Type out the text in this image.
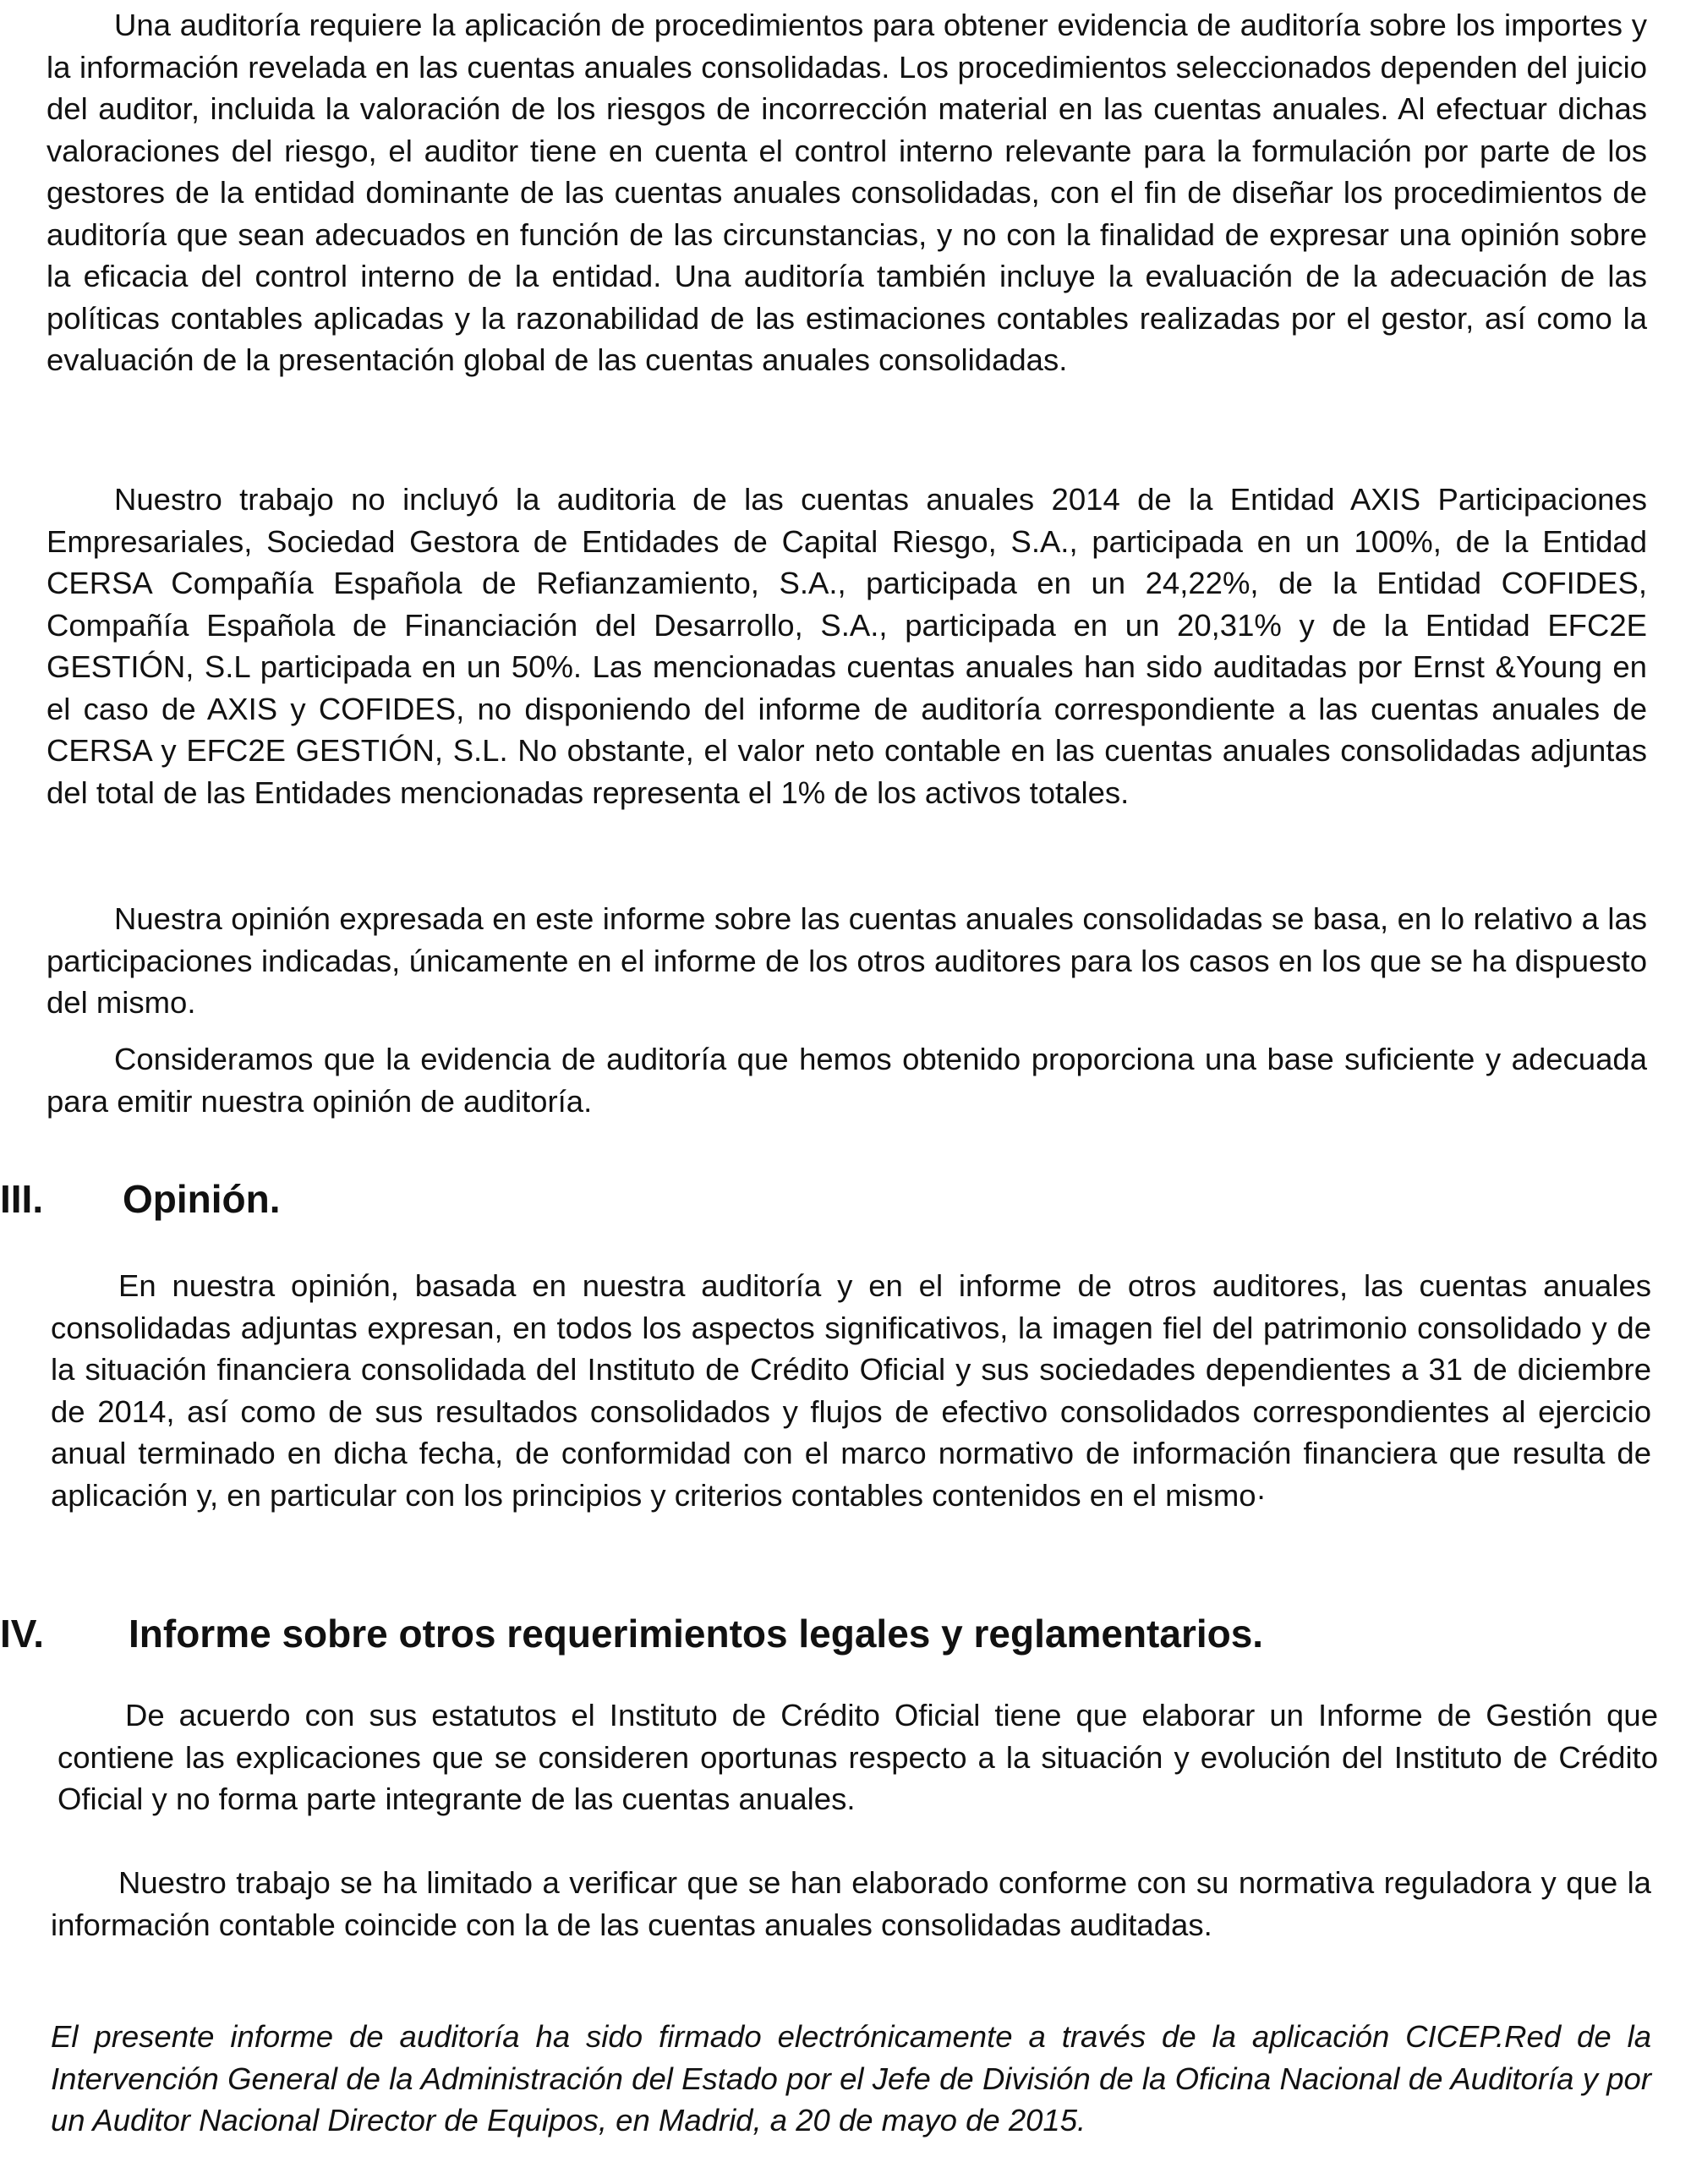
Una auditoría requiere la aplicación de procedimientos para obtener evidencia de auditoría sobre los importes y la información revelada en las cuentas anuales consolidadas. Los procedimientos seleccionados dependen del juicio del auditor, incluida la valoración de los riesgos de incorrección material en las cuentas anuales. Al efectuar dichas valoraciones del riesgo, el auditor tiene en cuenta el control interno relevante para la formulación por parte de los gestores de la entidad dominante de las cuentas anuales consolidadas, con el fin de diseñar los procedimientos de auditoría que sean adecuados en función de las circunstancias, y no con la finalidad de expresar una opinión sobre la eficacia del control interno de la entidad. Una auditoría también incluye la evaluación de la adecuación de las políticas contables aplicadas y la razonabilidad de las estimaciones contables realizadas por el gestor, así como la evaluación de la presentación global de las cuentas anuales consolidadas.

Nuestro trabajo no incluyó la auditoria de las cuentas anuales 2014 de la Entidad AXIS Participaciones Empresariales, Sociedad Gestora de Entidades de Capital Riesgo, S.A., participada en un 100%, de la Entidad CERSA Compañía Española de Refianzamiento, S.A., participada en un 24,22%, de la Entidad COFIDES, Compañía Española de Financiación del Desarrollo, S.A., participada en un 20,31% y de la Entidad EFC2E GESTIÓN, S.L participada en un 50%. Las mencionadas cuentas anuales han sido auditadas por Ernst &Young en el caso de AXIS y COFIDES, no disponiendo del informe de auditoría correspondiente a las cuentas anuales de CERSA y EFC2E GESTIÓN, S.L. No obstante, el valor neto contable en las cuentas anuales consolidadas adjuntas del total de las Entidades mencionadas representa el 1% de los activos totales.

Nuestra opinión expresada en este informe sobre las cuentas anuales consolidadas se basa, en lo relativo a las participaciones indicadas, únicamente en el informe de los otros auditores para los casos en los que se ha dispuesto del mismo.

Consideramos que la evidencia de auditoría que hemos obtenido proporciona una base suficiente y adecuada para emitir nuestra opinión de auditoría.

III. Opinión.

En nuestra opinión, basada en nuestra auditoría y en el informe de otros auditores, las cuentas anuales consolidadas adjuntas expresan, en todos los aspectos significativos, la imagen fiel del patrimonio consolidado y de la situación financiera consolidada del Instituto de Crédito Oficial y sus sociedades dependientes a 31 de diciembre de 2014, así como de sus resultados consolidados y flujos de efectivo consolidados correspondientes al ejercicio anual terminado en dicha fecha, de conformidad con el marco normativo de información financiera que resulta de aplicación y, en particular con los principios y criterios contables contenidos en el mismo·

IV. Informe sobre otros requerimientos legales y reglamentarios.

De acuerdo con sus estatutos el Instituto de Crédito Oficial tiene que elaborar un Informe de Gestión que contiene las explicaciones que se consideren oportunas respecto a la situación y evolución del Instituto de Crédito Oficial y no forma parte integrante de las cuentas anuales.

Nuestro trabajo se ha limitado a verificar que se han elaborado conforme con su normativa reguladora y que la información contable coincide con la de las cuentas anuales consolidadas auditadas.

El presente informe de auditoría ha sido firmado electrónicamente a través de la aplicación CICEP.Red de la Intervención General de la Administración del Estado por el Jefe de División de la Oficina Nacional de Auditoría y por un Auditor Nacional Director de Equipos, en Madrid, a 20 de mayo de 2015.
